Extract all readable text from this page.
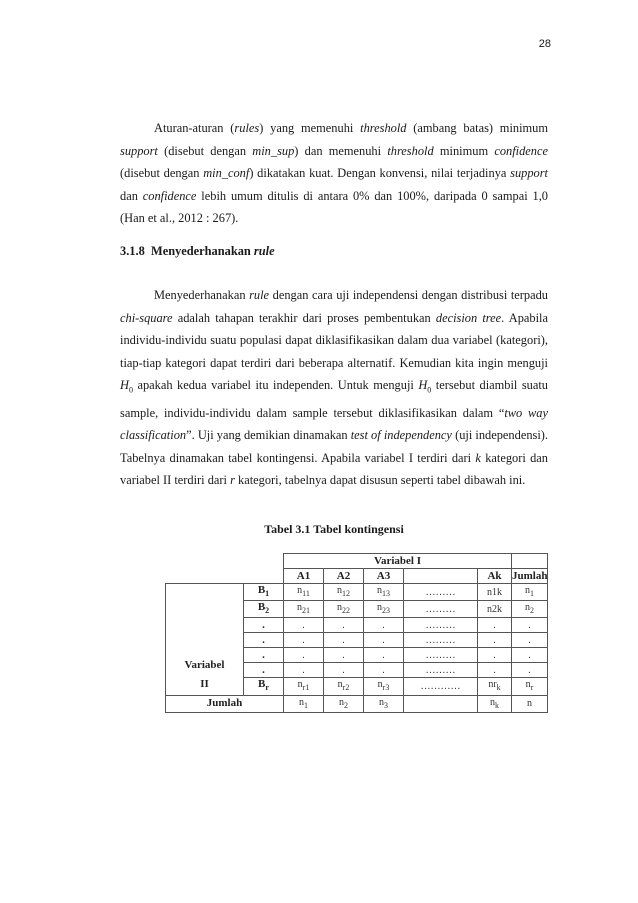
28

Aturan-aturan (rules) yang memenuhi threshold (ambang batas) minimum support (disebut dengan min_sup) dan memenuhi threshold minimum confidence (disebut dengan min_conf) dikatakan kuat. Dengan konvensi, nilai terjadinya support dan confidence lebih umum ditulis di antara 0% dan 100%, daripada 0 sampai 1,0 (Han et al., 2012 : 267).

3.1.8 Menyederhanakan rule

Menyederhanakan rule dengan cara uji independensi dengan distribusi terpadu chi-square adalah tahapan terakhir dari proses pembentukan decision tree. Apabila individu-individu suatu populasi dapat diklasifikasikan dalam dua variabel (kategori), tiap-tiap kategori dapat terdiri dari beberapa alternatif. Kemudian kita ingin menguji $H_0$ apakah kedua variabel itu independen. Untuk menguji $H_0$ tersebut diambil suatu sample, individu-individu dalam sample tersebut diklasifikasikan dalam “two way classification”. Uji yang demikian dinamakan test of independency (uji independensi). Tabelnya dinamakan tabel kontingensi. Apabila variabel I terdiri dari k kategori dan variabel II terdiri dari r kategori, tabelnya dapat disusun seperti tabel dibawah ini.

Tabel 3.1 Tabel kontingensi
		Variabel I					
		A1	A2	A3		Ak	Jumlah

Variabel
II	$B_1$	$n_{11}$	$n_{12}$	$n_{13}$	………	n1k	$n_1$
	$B_2$	$n_{21}$	$n_{22}$	$n_{23}$	………	n2k	$n_2$
	.	.	.	.	………	.	.
	.	.	.	.	………	.	.
	.	.	.	.	………	.	.
	.	.	.	.	………	.	.
	$B_r$	$n_{r1}$	$n_{r2}$	$n_{r3}$	…………	$nr_k$	$n_r$
Jumlah		$n_1$	$n_2$	$n_3$		$n_k$	n
